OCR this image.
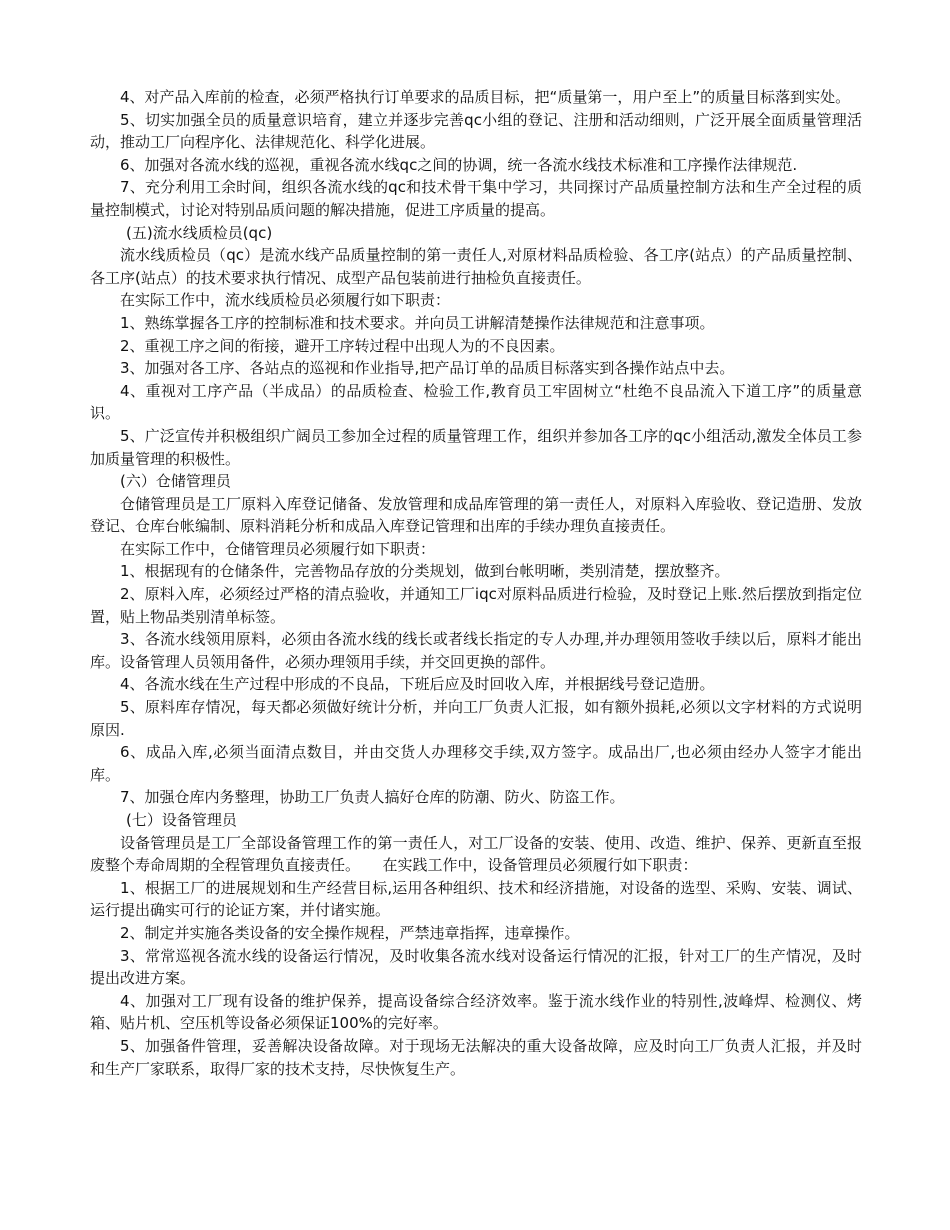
4、对产品入库前的检查，必须严格执行订单要求的品质目标，把“质量第一，用户至上”的质量目标落到实处。

5、切实加强全员的质量意识培育，建立并逐步完善qc小组的登记、注册和活动细则，广泛开展全面质量管理活动，推动工厂向程序化、法律规范化、科学化进展。

6、加强对各流水线的巡视，重视各流水线qc之间的协调，统一各流水线技术标准和工序操作法律规范.

7、充分利用工余时间，组织各流水线的qc和技术骨干集中学习，共同探讨产品质量控制方法和生产全过程的质量控制模式，讨论对特别品质问题的解决措施，促进工序质量的提高。

(五)流水线质检员(qc)

流水线质检员（qc）是流水线产品质量控制的第一责任人,对原材料品质检验、各工序(站点）的产品质量控制、各工序(站点）的技术要求执行情况、成型产品包装前进行抽检负直接责任。

在实际工作中，流水线质检员必须履行如下职责：

1、熟练掌握各工序的控制标准和技术要求。并向员工讲解清楚操作法律规范和注意事项。

2、重视工序之间的衔接，避开工序转过程中出现人为的不良因素。

3、加强对各工序、各站点的巡视和作业指导,把产品订单的品质目标落实到各操作站点中去。

4、重视对工序产品（半成品）的品质检查、检验工作,教育员工牢固树立“杜绝不良品流入下道工序”的质量意识。

5、广泛宣传并积极组织广阔员工参加全过程的质量管理工作，组织并参加各工序的qc小组活动,激发全体员工参加质量管理的积极性。

(六）仓储管理员

仓储管理员是工厂原料入库登记储备、发放管理和成品库管理的第一责任人，对原料入库验收、登记造册、发放登记、仓库台帐编制、原料消耗分析和成品入库登记管理和出库的手续办理负直接责任。

在实际工作中，仓储管理员必须履行如下职责：

1、根据现有的仓储条件，完善物品存放的分类规划，做到台帐明晰，类别清楚，摆放整齐。

2、原料入库，必须经过严格的清点验收，并通知工厂iqc对原料品质进行检验，及时登记上账.然后摆放到指定位置，贴上物品类别清单标签。

3、各流水线领用原料，必须由各流水线的线长或者线长指定的专人办理,并办理领用签收手续以后，原料才能出库。设备管理人员领用备件，必须办理领用手续，并交回更换的部件。

4、各流水线在生产过程中形成的不良品，下班后应及时回收入库，并根据线号登记造册。

5、原料库存情况，每天都必须做好统计分析，并向工厂负责人汇报，如有额外损耗,必须以文字材料的方式说明原因.

6、成品入库,必须当面清点数目，并由交货人办理移交手续,双方签字。成品出厂,也必须由经办人签字才能出库。

7、加强仓库内务整理，协助工厂负责人搞好仓库的防潮、防火、防盗工作。

(七）设备管理员

设备管理员是工厂全部设备管理工作的第一责任人，对工厂设备的安装、使用、改造、维护、保养、更新直至报废整个寿命周期的全程管理负直接责任。　　在实践工作中，设备管理员必须履行如下职责：

1、根据工厂的进展规划和生产经营目标,运用各种组织、技术和经济措施，对设备的选型、采购、安装、调试、运行提出确实可行的论证方案，并付诸实施。

2、制定并实施各类设备的安全操作规程，严禁违章指挥，违章操作。

3、常常巡视各流水线的设备运行情况，及时收集各流水线对设备运行情况的汇报，针对工厂的生产情况，及时提出改进方案。

4、加强对工厂现有设备的维护保养，提高设备综合经济效率。鉴于流水线作业的特别性,波峰焊、检测仪、烤箱、贴片机、空压机等设备必须保证100%的完好率。

5、加强备件管理，妥善解决设备故障。对于现场无法解决的重大设备故障，应及时向工厂负责人汇报，并及时和生产厂家联系，取得厂家的技术支持，尽快恢复生产。
